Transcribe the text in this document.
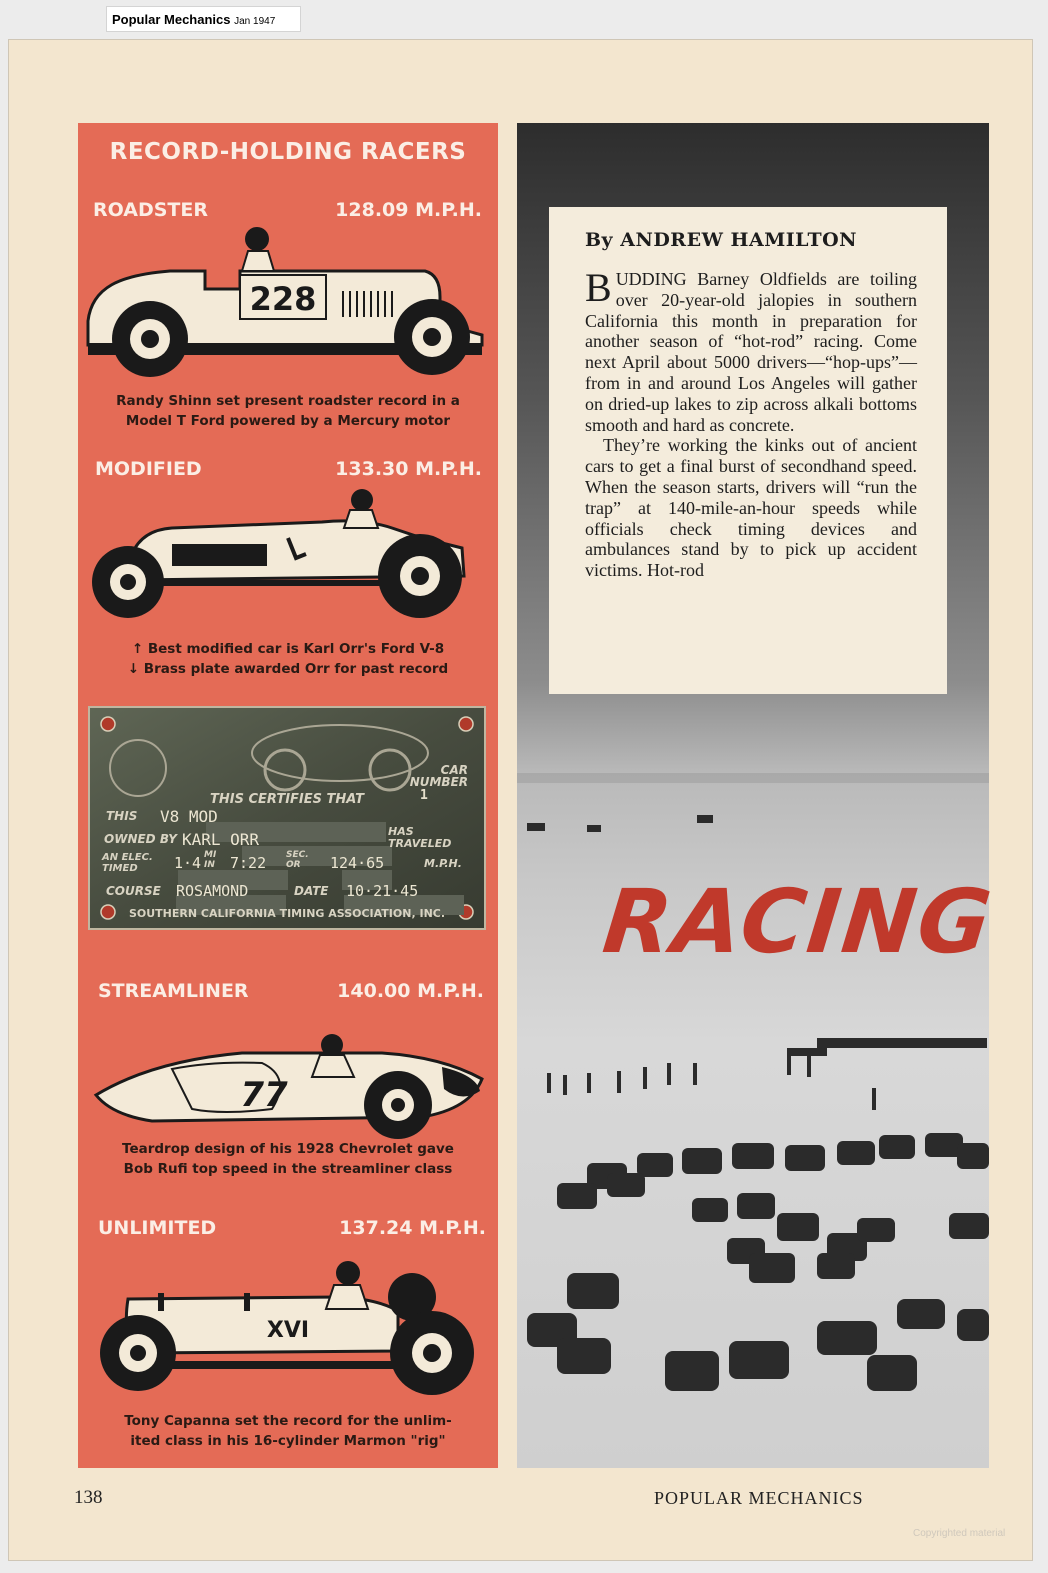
Popular Mechanics Jan 1947
RECORD-HOLDING RACERS
ROADSTER	128.09 M.P.H.
228
Randy Shinn set present roadster record in a
Model T Ford powered by a Mercury motor
MODIFIED	133.30 M.P.H.
↑ Best modified car is Karl Orr's Ford V-8
↓ Brass plate awarded Orr for past record
CAR NUMBER
1
THIS CERTIFIES THAT
THIS V8 MOD
OWNED BY KARL ORR	HAS TRAVELED
AN ELEC. TIMED	1·4 MI IN	7:22 SEC. OR	124·65	M.P.H.
COURSE ROSAMOND	DATE 10·21·45
SOUTHERN CALIFORNIA TIMING ASSOCIATION, INC.
STREAMLINER	140.00 M.P.H.
77
Teardrop design of his 1928 Chevrolet gave
Bob Rufi top speed in the streamliner class
UNLIMITED	137.24 M.P.H.
XVI
Tony Capanna set the record for the unlim-
ited class in his 16-cylinder Marmon "rig"
By ANDREW HAMILTON

BUDDING Barney Oldfields are toiling over 20-year-old jalopies in southern California this month in preparation for another season of “hot-rod” racing. Come next April about 5000 drivers—“hop-ups”—from in and around Los Angeles will gather on dried-up lakes to zip across alkali bottoms smooth and hard as concrete.

They’re working the kinks out of ancient cars to get a final burst of secondhand speed. When the season starts, drivers will “run the trap” at 140-mile-an-hour speeds while officials check timing devices and ambulances stand by to pick up accident victims. Hot-rod

RACING
138	POPULAR MECHANICS
Copyrighted material
